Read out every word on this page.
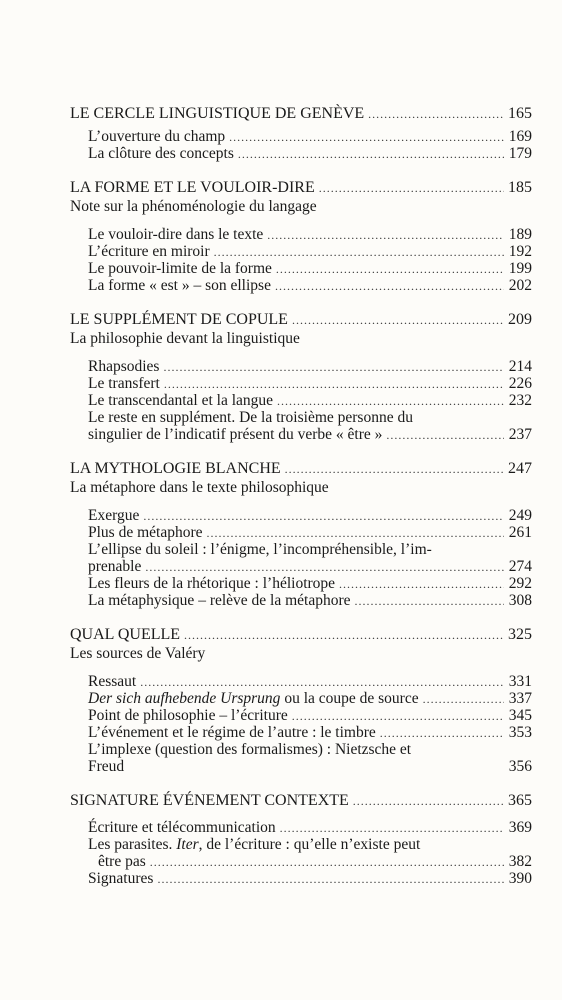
LE CERCLE LINGUISTIQUE DE GENÈVE .....	165
L’ouverture du champ .....	169
La clôture des concepts .....	179
LA FORME ET LE VOULOIR-DIRE .....	185
Note sur la phénoménologie du langage
Le vouloir-dire dans le texte .....	189
L’écriture en miroir .....	192
Le pouvoir-limite de la forme .....	199
La forme « est » – son ellipse .....	202
LE SUPPLÉMENT DE COPULE .....	209
La philosophie devant la linguistique
Rhapsodies .....	214
Le transfert .....	226
Le transcendantal et la langue .....	232
Le reste en supplément. De la troisième personne du
singulier de l’indicatif présent du verbe « être » .....	237
LA MYTHOLOGIE BLANCHE .....	247
La métaphore dans le texte philosophique
Exergue .....	249
Plus de métaphore .....	261
L’ellipse du soleil : l’énigme, l’incompréhensible, l’im-
prenable .....	274
Les fleurs de la rhétorique : l’héliotrope .....	292
La métaphysique – relève de la métaphore .....	308
QUAL QUELLE .....	325
Les sources de Valéry
Ressaut .....	331
Der sich aufhebende Ursprung ou la coupe de source .....	337
Point de philosophie – l’écriture .....	345
L’événement et le régime de l’autre : le timbre .....	353
L’implexe (question des formalismes) : Nietzsche et
Freud	356
SIGNATURE ÉVÉNEMENT CONTEXTE .....	365
Écriture et télécommunication .....	369
Les parasites. Iter, de l’écriture : qu’elle n’existe peut
être pas .....	382
Signatures .....	390
